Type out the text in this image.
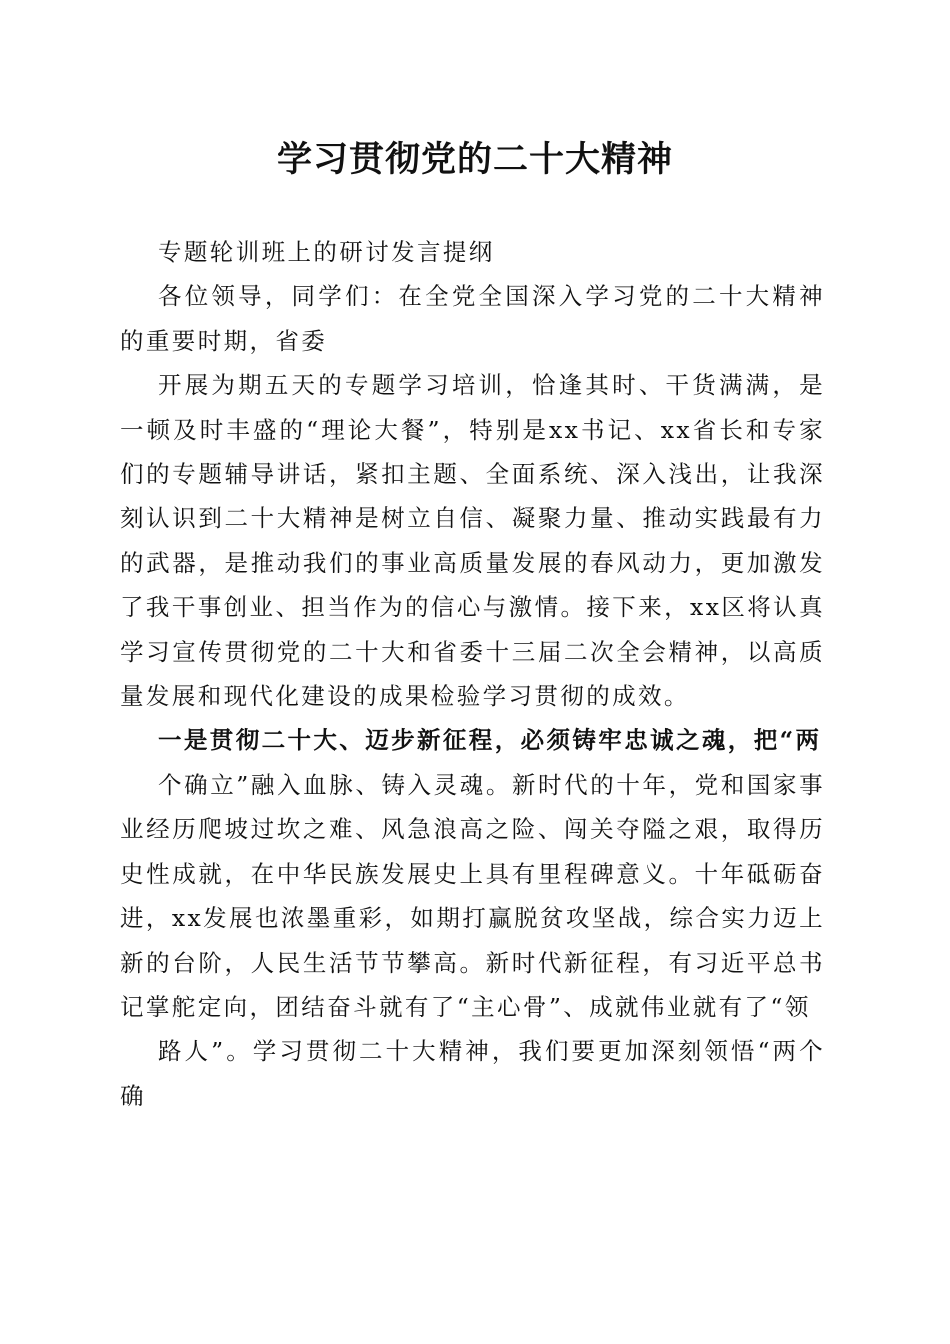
学习贯彻党的二十大精神

专题轮训班上的研讨发言提纲

各位领导，同学们：在全党全国深入学习党的二十大精神的重要时期，省委

开展为期五天的专题学习培训，恰逢其时、干货满满，是一顿及时丰盛的“理论大餐”，特别是xx书记、xx省长和专家们的专题辅导讲话，紧扣主题、全面系统、深入浅出，让我深刻认识到二十大精神是树立自信、凝聚力量、推动实践最有力的武器，是推动我们的事业高质量发展的春风动力，更加激发了我干事创业、担当作为的信心与激情。接下来，xx区将认真学习宣传贯彻党的二十大和省委十三届二次全会精神，以高质量发展和现代化建设的成果检验学习贯彻的成效。

一是贯彻二十大、迈步新征程，必须铸牢忠诚之魂，把“两

个确立”融入血脉、铸入灵魂。新时代的十年，党和国家事业经历爬坡过坎之难、风急浪高之险、闯关夺隘之艰，取得历史性成就，在中华民族发展史上具有里程碑意义。十年砥砺奋进，xx发展也浓墨重彩，如期打赢脱贫攻坚战，综合实力迈上新的台阶，人民生活节节攀高。新时代新征程，有习近平总书记掌舵定向，团结奋斗就有了“主心骨”、成就伟业就有了“领

路人”。学习贯彻二十大精神，我们要更加深刻领悟“两个确
